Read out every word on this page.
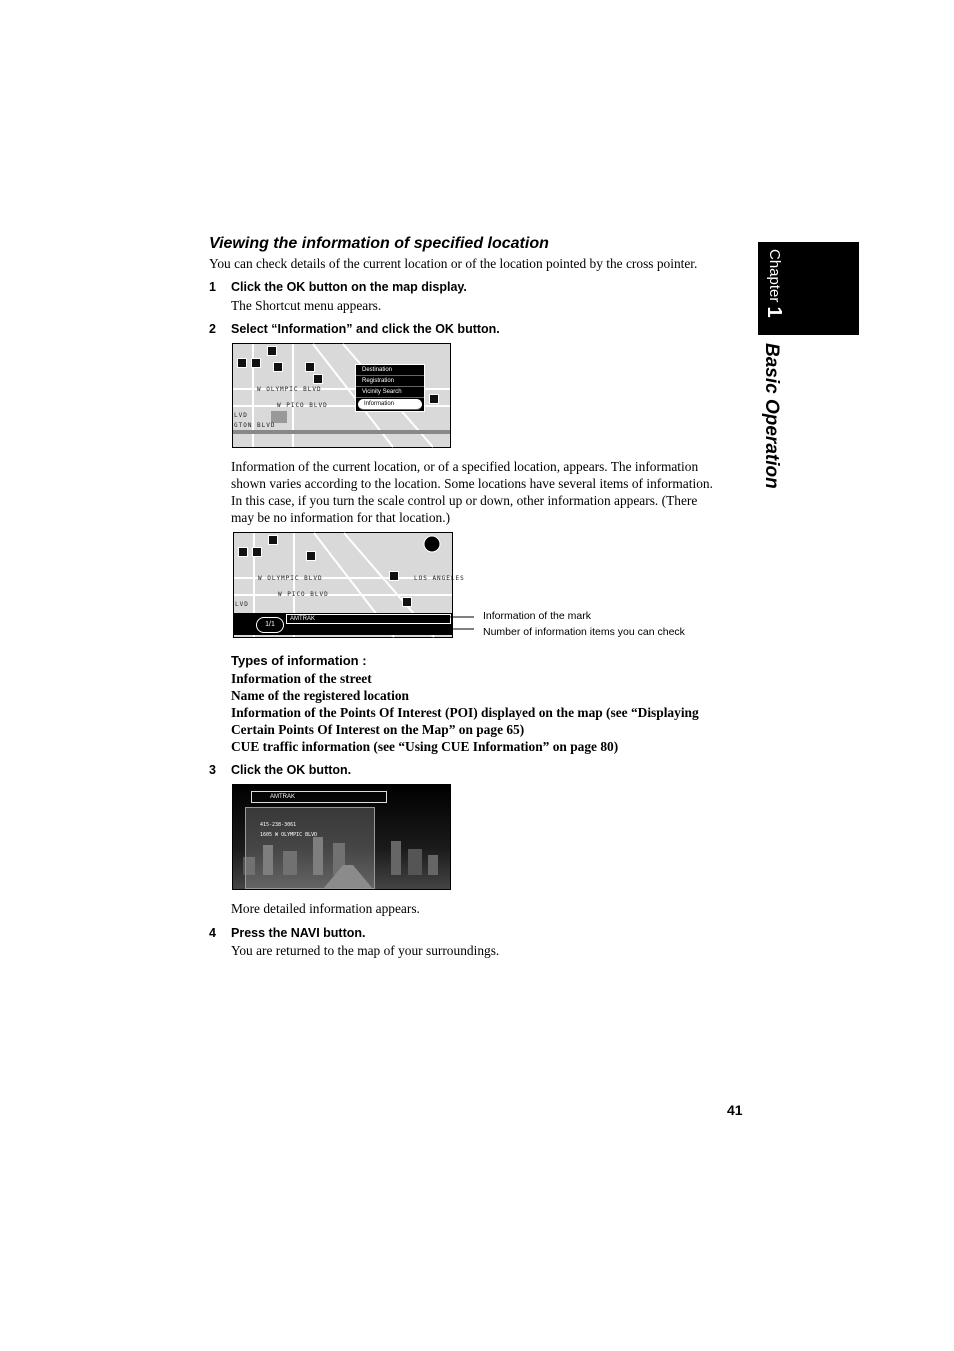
Chapter 1
Basic Operation
Viewing the information of specified location
You can check details of the current location or of the location pointed by the cross pointer.
1 Click the OK button on the map display.
The Shortcut menu appears.
2 Select “Information” and click the OK button.
W OLYMPIC BLVD
W PICO BLVD
GTON BLVD
LVD
Destination
Registration
Vicinity Search
Information
Information of the current location, or of a specified location, appears. The information
shown varies according to the location. Some locations have several items of information.
In this case, if you turn the scale control up or down, other information appears. (There
may be no information for that location.)
W OLYMPIC BLVD
W PICO BLVD
LVD
LOS ANGELES
1/1
AMTRAK	Information of the mark
Number of information items you can check
Types of information :
Information of the street
Name of the registered location
Information of the Points Of Interest (POI) displayed on the map (see “Displaying
Certain Points Of Interest on the Map” on page 65)
CUE traffic information (see “Using CUE Information” on page 80)
3 Click the OK button.
AMTRAK
415-238-3061
1605 W OLYMPIC BLVD
More detailed information appears.
4 Press the NAVI button.
You are returned to the map of your surroundings.
41
